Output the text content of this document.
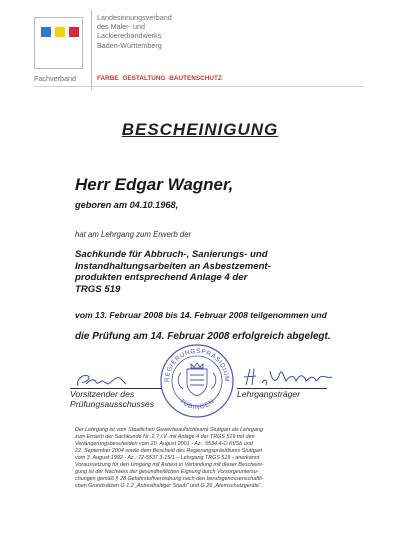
Landesinnungsverband
des Maler- und
Lackiererhandwerks
Baden-Württemberg
Fachverband	FARBE GESTALTUNG BAUTENSCHUTZ
BESCHEINIGUNG
Herr Edgar Wagner,
geboren am 04.10.1968,
hat am Lehrgang zum Erwerb der
Sachkunde für Abbruch-, Sanierungs- und
Instandhaltungsarbeiten an Asbestzement-
produkten entsprechend Anlage 4 der
TRGS 519
vom 13. Februar 2008 bis 14. Februar 2008 teilgenommen und
die Prüfung am 14. Februar 2008 erfolgreich abgelegt.
Vorsitzender des
Prüfungsausschusses
Lehrgangsträger
REGIERUNGSPRÄSIDIUM
TÜBINGEN
Der Lehrgang ist vom Staatlichen Gewerbeaufsichtsamt Stuttgart als Lehrgang
zum Erwerb der Sachkunde Nr. 2.7 i.V. mit Anlage 4 der TRGS 519 mit den
Verlängerungsbescheiden vom 20. August 2001 - Az.: 5534.4-O Kt/Sb und
22. September 2004 sowie dem Bescheid des Regierungspräsidiums Stuttgart
vom 3. August 1992 - Az.: 72-5537.3-15/1 – Lehrgang TRGS 519 - anerkannt.
Voraussetzung für den Umgang mit Asbest in Verbindung mit dieser Bescheini-
gung ist der Nachweis der gesundheitlichen Eignung durch Vorsorgeuntersu-
chungen gemäß § 28 Gefahrstoffverordnung nach den berufsgenossenschaftli-
chen Grundsätzen G 1.2 „Asbesthaltiger Staub“ und G 26 „Atemschutzgeräte“.
